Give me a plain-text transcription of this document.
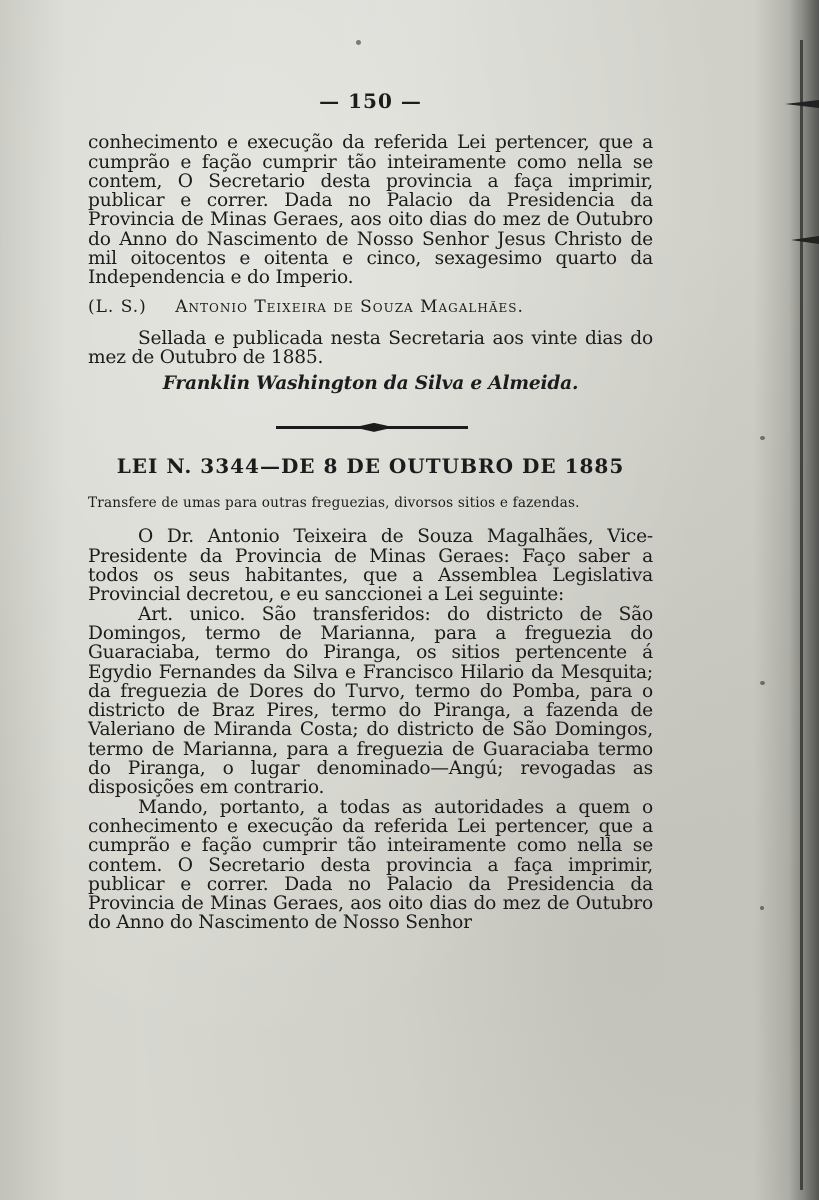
— 150 —

conhecimento e execução da referida Lei pertencer, que a cumprão e fação cumprir tão inteiramente como nella se contem, O Secretario desta provincia a faça imprimir, publicar e correr. Dada no Palacio da Presidencia da Provincia de Minas Geraes, aos oito dias do mez de Outubro do Anno do Nascimento de Nosso Senhor Jesus Christo de mil oitocentos e oitenta e cinco, sexagesimo quarto da Independencia e do Imperio.

(L. S.) Antonio Teixeira de Souza Magalhães.

Sellada e publicada nesta Secretaria aos vinte dias do mez de Outubro de 1885.

Franklin Washington da Silva e Almeida.

LEI N. 3344—DE 8 DE OUTUBRO DE 1885

Transfere de umas para outras freguezias, divorsos sitios e fazendas.

O Dr. Antonio Teixeira de Souza Magalhães, Vice-Presidente da Provincia de Minas Geraes: Faço saber a todos os seus habitantes, que a Assemblea Legislativa Provincial decretou, e eu sanccionei a Lei seguinte:

Art. unico. São transferidos: do districto de São Domingos, termo de Marianna, para a freguezia do Guaraciaba, termo do Piranga, os sitios pertencente á Egydio Fernandes da Silva e Francisco Hilario da Mesquita; da freguezia de Dores do Turvo, termo do Pomba, para o districto de Braz Pires, termo do Piranga, a fazenda de Valeriano de Miranda Costa; do districto de São Domingos, termo de Marianna, para a freguezia de Guaraciaba termo do Piranga, o lugar denominado—Angú; revogadas as disposições em contrario.

Mando, portanto, a todas as autoridades a quem o conhecimento e execução da referida Lei pertencer, que a cumprão e fação cumprir tão inteiramente como nella se contem. O Secretario desta provincia a faça imprimir, publicar e correr. Dada no Palacio da Presidencia da Provincia de Minas Geraes, aos oito dias do mez de Outubro do Anno do Nascimento de Nosso Senhor
